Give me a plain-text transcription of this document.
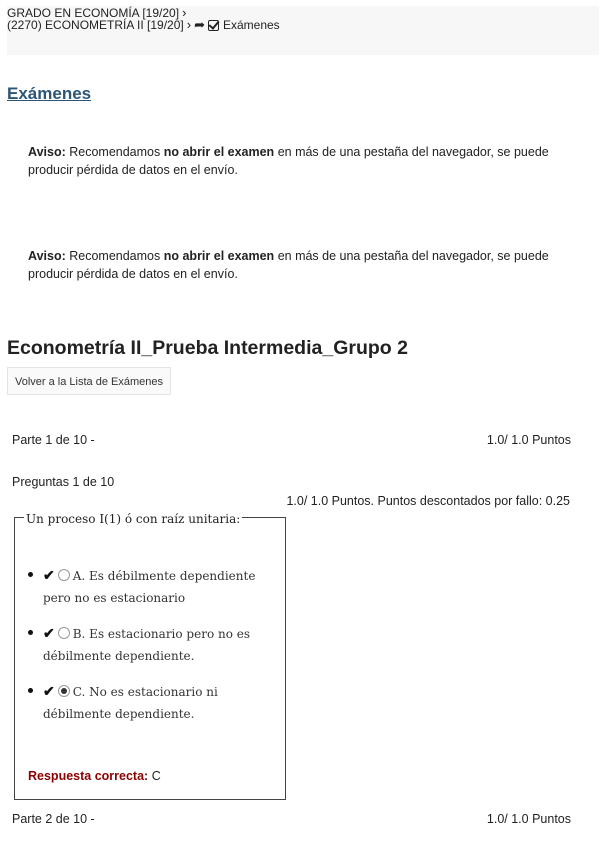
GRADO EN ECONOMÍA [19/20] ›
(2270) ECONOMETRÍA II [19/20] › ➦ Exámenes
Exámenes
Aviso: Recomendamos no abrir el examen en más de una pestaña del navegador, se puede producir pérdida de datos en el envío.
Aviso: Recomendamos no abrir el examen en más de una pestaña del navegador, se puede producir pérdida de datos en el envío.
Econometría II_Prueba Intermedia_Grupo 2
Volver a la Lista de Exámenes
Parte 1 de 10 -	1.0/ 1.0 Puntos
Preguntas 1 de 10
1.0/ 1.0 Puntos. Puntos descontados por fallo: 0.25
Un proceso I(1) ó con raíz unitaria:
✔ A. Es débilmente dependiente pero no es estacionario
✔ B. Es estacionario pero no es débilmente dependiente.
✔ C. No es estacionario ni débilmente dependiente.
Respuesta correcta: C
Parte 2 de 10 -	1.0/ 1.0 Puntos
